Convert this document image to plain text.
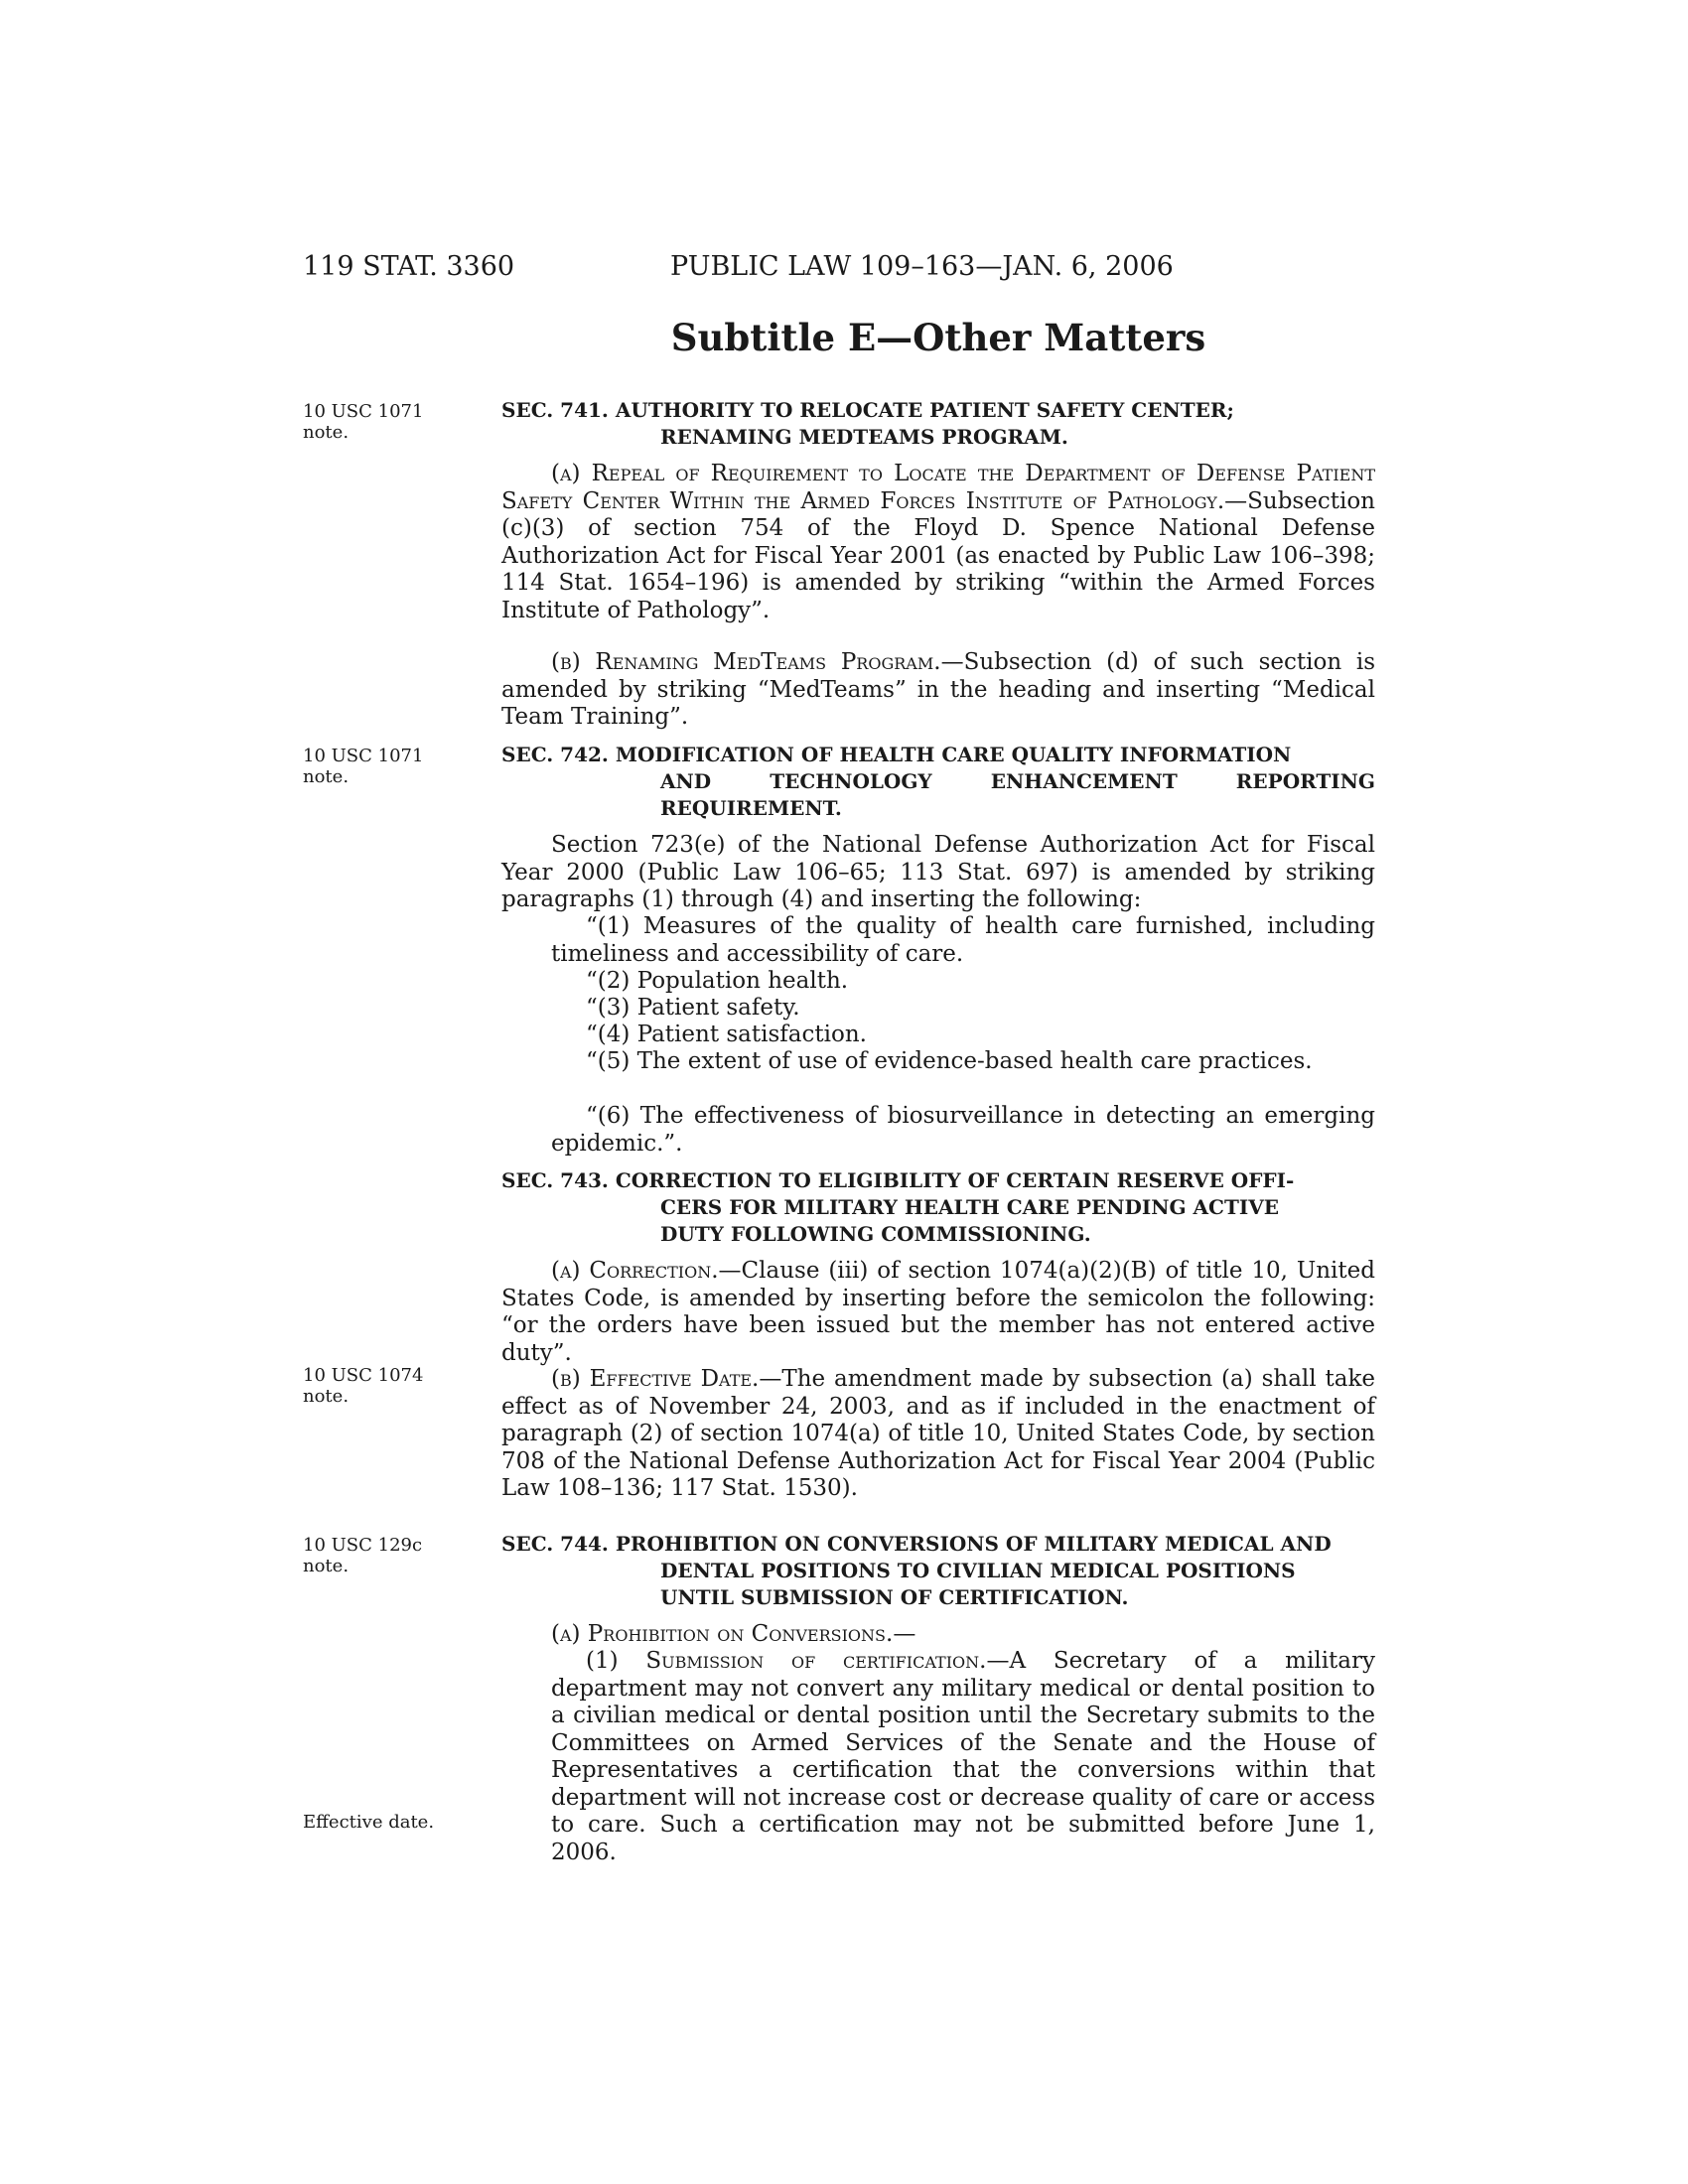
119 STAT. 3360	PUBLIC LAW 109–163—JAN. 6, 2006
Subtitle E—Other Matters
10 USC 1071
note.
SEC. 741. AUTHORITY TO RELOCATE PATIENT SAFETY CENTER;
RENAMING MEDTEAMS PROGRAM.

(a) Repeal of Requirement to Locate the Department of Defense Patient Safety Center Within the Armed Forces Institute of Pathology.—Subsection (c)(3) of section 754 of the Floyd D. Spence National Defense Authorization Act for Fiscal Year 2001 (as enacted by Public Law 106–398; 114 Stat. 1654–196) is amended by striking “within the Armed Forces Institute of Pathology”.

(b) Renaming MedTeams Program.—Subsection (d) of such section is amended by striking “MedTeams” in the heading and inserting “Medical Team Training”.

10 USC 1071
note.
SEC. 742. MODIFICATION OF HEALTH CARE QUALITY INFORMATION
AND TECHNOLOGY ENHANCEMENT REPORTING
REQUIREMENT.

Section 723(e) of the National Defense Authorization Act for Fiscal Year 2000 (Public Law 106–65; 113 Stat. 697) is amended by striking paragraphs (1) through (4) and inserting the following:

“(1) Measures of the quality of health care furnished, including timeliness and accessibility of care.

“(2) Population health.

“(3) Patient safety.

“(4) Patient satisfaction.

“(5) The extent of use of evidence-based health care practices.

“(6) The effectiveness of biosurveillance in detecting an emerging epidemic.”.

SEC. 743. CORRECTION TO ELIGIBILITY OF CERTAIN RESERVE OFFI-
CERS FOR MILITARY HEALTH CARE PENDING ACTIVE
DUTY FOLLOWING COMMISSIONING.

(a) Correction.—Clause (iii) of section 1074(a)(2)(B) of title 10, United States Code, is amended by inserting before the semicolon the following: “or the orders have been issued but the member has not entered active duty”.

10 USC 1074
note.

(b) Effective Date.—The amendment made by subsection (a) shall take effect as of November 24, 2003, and as if included in the enactment of paragraph (2) of section 1074(a) of title 10, United States Code, by section 708 of the National Defense Authorization Act for Fiscal Year 2004 (Public Law 108–136; 117 Stat. 1530).

10 USC 129c
note.
SEC. 744. PROHIBITION ON CONVERSIONS OF MILITARY MEDICAL AND
DENTAL POSITIONS TO CIVILIAN MEDICAL POSITIONS
UNTIL SUBMISSION OF CERTIFICATION.

(a) Prohibition on Conversions.—

(1) Submission of certification.—A Secretary of a military department may not convert any military medical or dental position to a civilian medical or dental position until the Secretary submits to the Committees on Armed Services of the Senate and the House of Representatives a certification that the conversions within that department will not increase cost or decrease quality of care or access to care. Such a certification may not be submitted before June 1, 2006.

Effective date.
